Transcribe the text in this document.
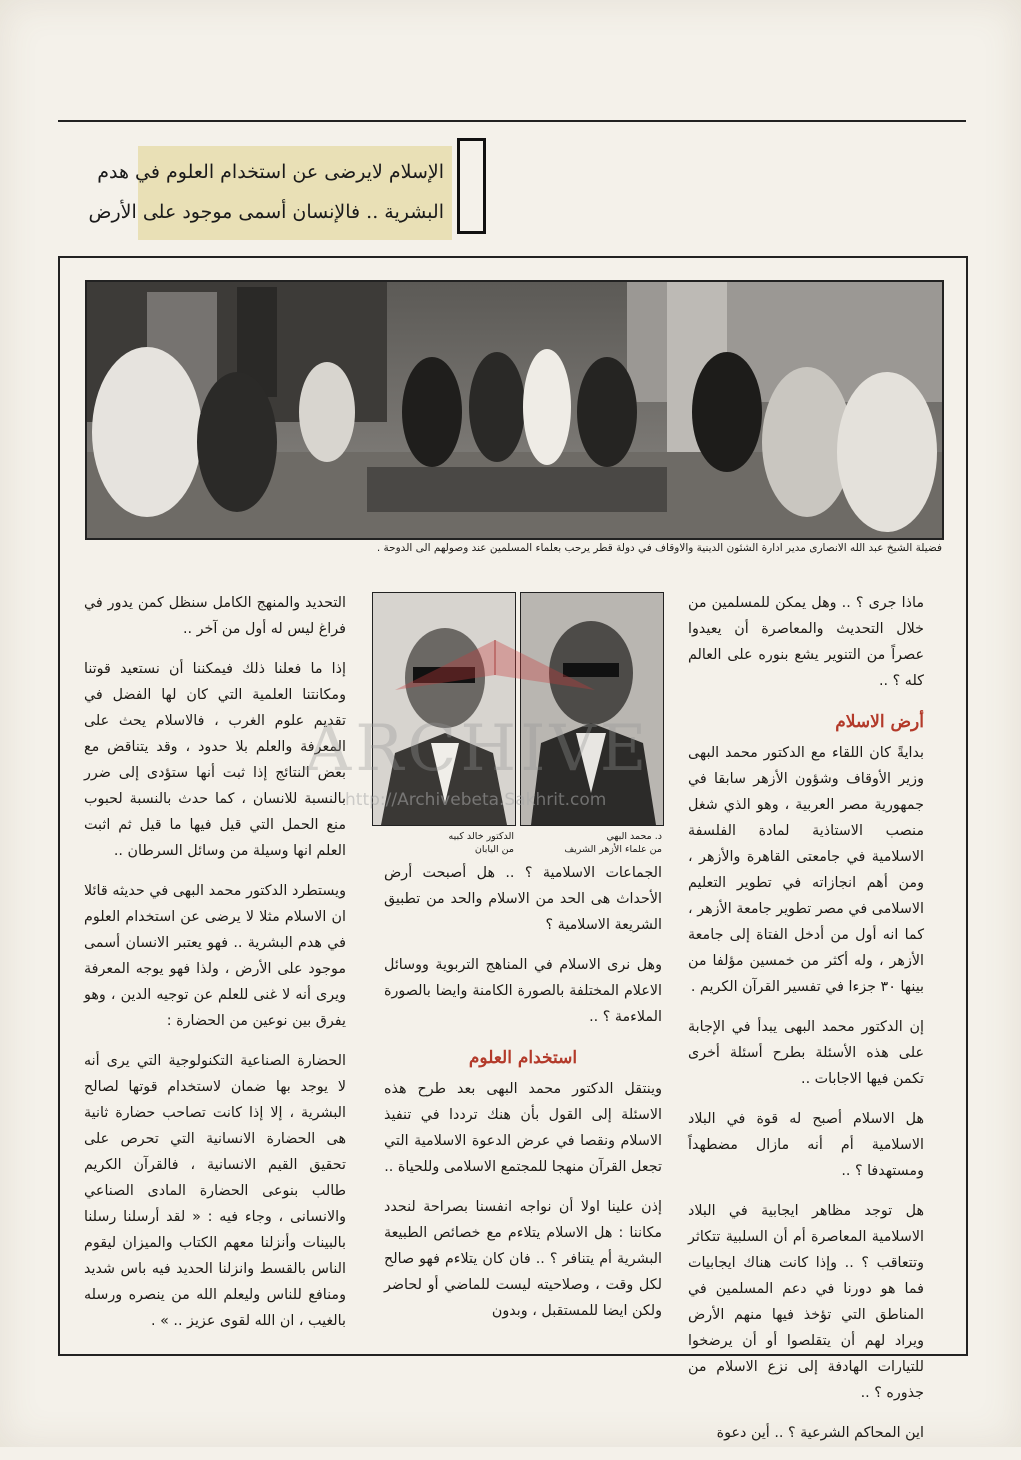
الإسلام لايرضى عن استخدام العلوم في هدم
البشرية .. فالإنسان أسمى موجود على الأرض
فضيلة الشيخ عبد الله الانصارى مدير ادارة الشئون الدينية والاوقاف في دولة قطر يرحب بعلماء المسلمين عند وصولهم الى الدوحة .

ماذا جرى ؟ .. وهل يمكن للمسلمين من خلال التحديث والمعاصرة أن يعيدوا عصراً من التنوير يشع بنوره على العالم كله ؟ ..

أرض الاسلام

بدايةً كان اللقاء مع الدكتور محمد البهى وزير الأوقاف وشؤون الأزهر سابقا في جمهورية مصر العربية ، وهو الذي شغل منصب الاستاذية لمادة الفلسفة الاسلامية في جامعتى القاهرة والأزهر ، ومن أهم انجازاته في تطوير التعليم الاسلامى في مصر تطوير جامعة الأزهر ، كما انه أول من أدخل الفتاة إلى جامعة الأزهر ، وله أكثر من خمسين مؤلفا من بينها ٣٠ جزءا في تفسير القرآن الكريم .

إن الدكتور محمد البهى يبدأ في الإجابة على هذه الأسئلة بطرح أسئلة أخرى تكمن فيها الاجابات ..

هل الاسلام أصبح له قوة في البلاد الاسلامية أم أنه مازال مضطهداً ومستهدفا ؟ ..

هل توجد مظاهر ايجابية في البلاد الاسلامية المعاصرة أم أن السلبية تتكاثر وتتعاقب ؟ .. وإذا كانت هناك ايجابيات فما هو دورنا في دعم المسلمين في المناطق التي تؤخذ فيها منهم الأرض ويراد لهم أن يتقلصوا أو أن يرضخوا للتيارات الهادفة إلى نزع الاسلام من جذوره ؟ ..

اين المحاكم الشرعية ؟ .. أين دعوة

د. محمد البهي
من علماء الأزهر الشريف
الدكتور خالد كبيه
من اليابان

الجماعات الاسلامية ؟ .. هل أصبحت أرض الأحداث هى الحد من الاسلام والحد من تطبيق الشريعة الاسلامية ؟

وهل نرى الاسلام في المناهج التربوية ووسائل الاعلام المختلفة بالصورة الكامنة وايضا بالصورة الملاءمة ؟ ..

استخدام العلوم

وينتقل الدكتور محمد البهى بعد طرح هذه الاسئلة إلى القول بأن هنك ترددا في تنفيذ الاسلام ونقصا في عرض الدعوة الاسلامية التي تجعل القرآن منهجا للمجتمع الاسلامى وللحياة ..

إذن علينا اولا أن نواجه انفسنا بصراحة لنحدد مكاننا : هل الاسلام يتلاءم مع خصائص الطبيعة البشرية أم يتنافر ؟ .. فان كان يتلاءم فهو صالح لكل وقت ، وصلاحيته ليست للماضي أو لحاضر ولكن ايضا للمستقبل ، وبدون

التحديد والمنهج الكامل سنظل كمن يدور في فراغ ليس له أول من آخر ..

إذا ما فعلنا ذلك فيمكننا أن نستعيد قوتنا ومكانتنا العلمية التي كان لها الفضل في تقديم علوم الغرب ، فالاسلام يحث على المعرفة والعلم بلا حدود ، وقد يتناقض مع بعض النتائج إذا ثبت أنها ستؤدى إلى ضرر بالنسبة للانسان ، كما حدث بالنسبة لحبوب منع الحمل التي قيل فيها ما قيل ثم اثبت العلم انها وسيلة من وسائل السرطان ..

ويستطرد الدكتور محمد البهى في حديثه قائلا ان الاسلام مثلا لا يرضى عن استخدام العلوم في هدم البشرية .. فهو يعتبر الانسان أسمى موجود على الأرض ، ولذا فهو يوجه المعرفة ويرى أنه لا غنى للعلم عن توجيه الدين ، وهو يفرق بين نوعين من الحضارة :

الحضارة الصناعية التكنولوجية التي يرى أنه لا يوجد بها ضمان لاستخدام قوتها لصالح البشرية ، إلا إذا كانت تصاحب حضارة ثانية هى الحضارة الانسانية التي تحرص على تحقيق القيم الانسانية ، فالقرآن الكريم طالب بنوعى الحضارة المادى الصناعي والانسانى ، وجاء فيه : « لقد أرسلنا رسلنا بالبينات وأنزلنا معهم الكتاب والميزان ليقوم الناس بالقسط وانزلنا الحديد فيه باس شديد ومنافع للناس وليعلم الله من ينصره ورسله بالغيب ، ان الله لقوى عزيز .. » .

ARCHIVE
http://Archivebeta.Sakhrit.com
